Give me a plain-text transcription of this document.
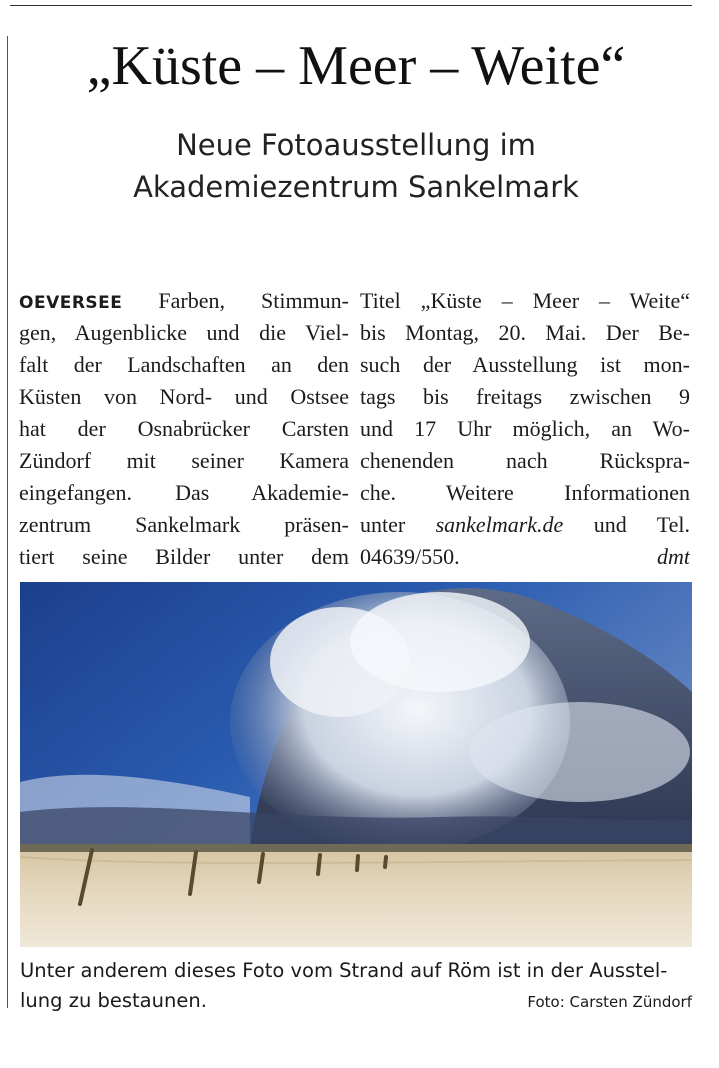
„Küste – Meer – Weite“
Neue Fotoausstellung im
Akademiezentrum Sankelmark
OEVERSEE Farben, Stimmun-
gen, Augenblicke und die Viel-
falt der Landschaften an den
Küsten von Nord- und Ostsee
hat der Osnabrücker Carsten
Zündorf mit seiner Kamera
eingefangen. Das Akademie-
zentrum Sankelmark präsen-
tiert seine Bilder unter dem
Titel „Küste – Meer – Weite“
bis Montag, 20. Mai. Der Be-
such der Ausstellung ist mon-
tags bis freitags zwischen 9
und 17 Uhr möglich, an Wo-
chenenden nach Rückspra-
che. Weitere Informationen
unter sankelmark.de und Tel.
04639/550.	dmt
Unter anderem dieses Foto vom Strand auf Röm ist in der Ausstel-
lung zu bestaunen.	Foto: Carsten Zündorf
